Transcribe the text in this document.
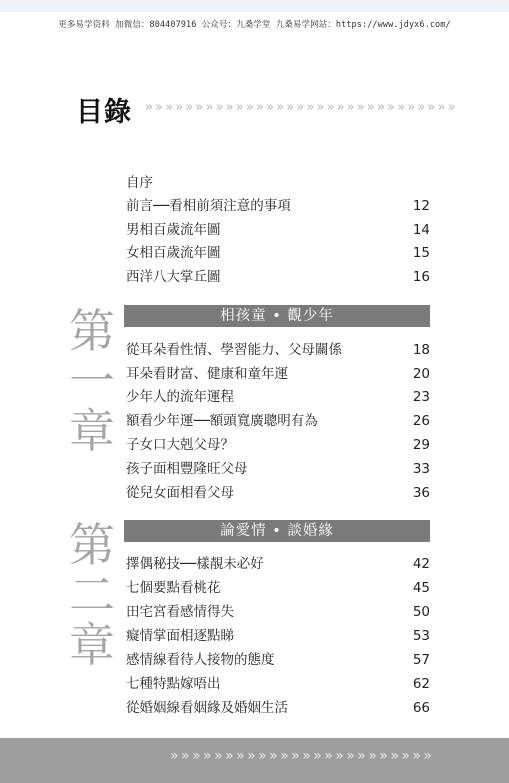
更多易学资料 加微信：804407916 公众号：九桑学堂 九桑易学网站：https://www.jdyx6.com/
目錄 » » » » » » » » » » » » » » » » » » » » » » » » » » » » » » »
自序
前言──看相前須注意的事項	12
男相百歲流年圖	14
女相百歲流年圖	15
西洋八大掌丘圖	16
第
一
章
相孩童 • 觀少年
從耳朵看性情、學習能力、父母關係	18
耳朵看財富、健康和童年運	20
少年人的流年運程	23
額看少年運──額頭寬廣聰明有為	26
子女口大剋父母？	29
孩子面相豐隆旺父母	33
從兒女面相看父母	36
第
二
章
論愛情 • 談婚緣
擇偶秘技──樣靚未必好	42
七個要點看桃花	45
田宅宮看感情得失	50
癡情掌面相逐點睇	53
感情線看待人接物的態度	57
七種特點嫁唔出	62
從婚姻線看姻緣及婚姻生活	66
» » » » » » » » » » » » » » » » » » » » » » » »
